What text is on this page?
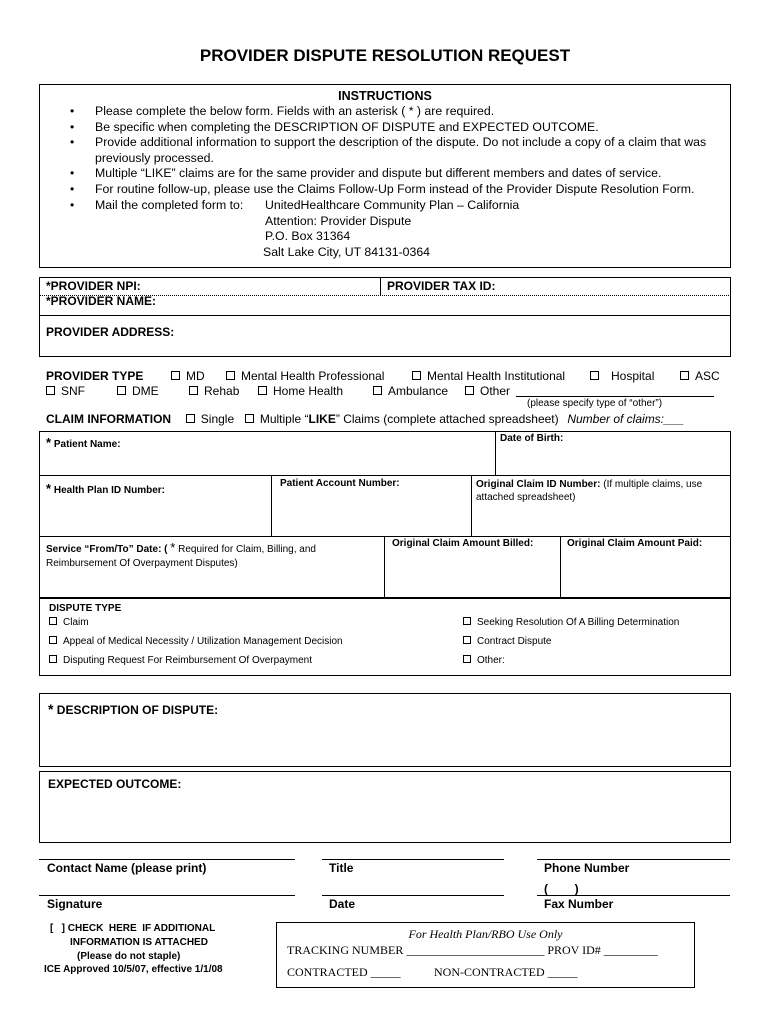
PROVIDER DISPUTE RESOLUTION REQUEST
INSTRUCTIONS
• Please complete the below form. Fields with an asterisk ( * ) are required.
• Be specific when completing the DESCRIPTION OF DISPUTE and EXPECTED OUTCOME.
• Provide additional information to support the description of the dispute. Do not include a copy of a claim that was previously processed.
• Multiple “LIKE” claims are for the same provider and dispute but different members and dates of service.
• For routine follow-up, please use the Claims Follow-Up Form instead of the Provider Dispute Resolution Form.
• Mail the completed form to:	UnitedHealthcare Community Plan – California
Attention: Provider Dispute
P.O. Box 31364
Salt Lake City, UT 84131-0364
*PROVIDER NPI:	PROVIDER TAX ID:
*PROVIDER NAME:
PROVIDER ADDRESS:
PROVIDER TYPE	MD	Mental Health Professional	Mental Health Institutional	Hospital	ASC
SNF	DME	Rehab	Home Health	Ambulance	Other
(please specify type of “other”)
CLAIM INFORMATION Single Multiple “LIKE” Claims (complete attached spreadsheet) Number of claims:___
* Patient Name:
Date of Birth:
* Health Plan ID Number:
Patient Account Number:	Original Claim ID Number: (If multiple claims, use attached spreadsheet)
Service “From/To” Date: ( * Required for Claim, Billing, and Reimbursement Of Overpayment Disputes)
Original Claim Amount Billed:	Original Claim Amount Paid:
DISPUTE TYPE
Claim
Appeal of Medical Necessity / Utilization Management Decision
Disputing Request For Reimbursement Of Overpayment
Seeking Resolution Of A Billing Determination
Contract Dispute
Other:
* DESCRIPTION OF DISPUTE:
EXPECTED OUTCOME:
Contact Name (please print)	Title	Phone Number
(        )
Signature	Date	Fax Number
[   ] CHECK  HERE  IF ADDITIONAL
INFORMATION IS ATTACHED
(Please do not staple)
ICE Approved 10/5/07, effective 1/1/08
For Health Plan/RBO Use Only
TRACKING NUMBER _______________________ PROV ID# _________
CONTRACTED _____	NON-CONTRACTED _____
